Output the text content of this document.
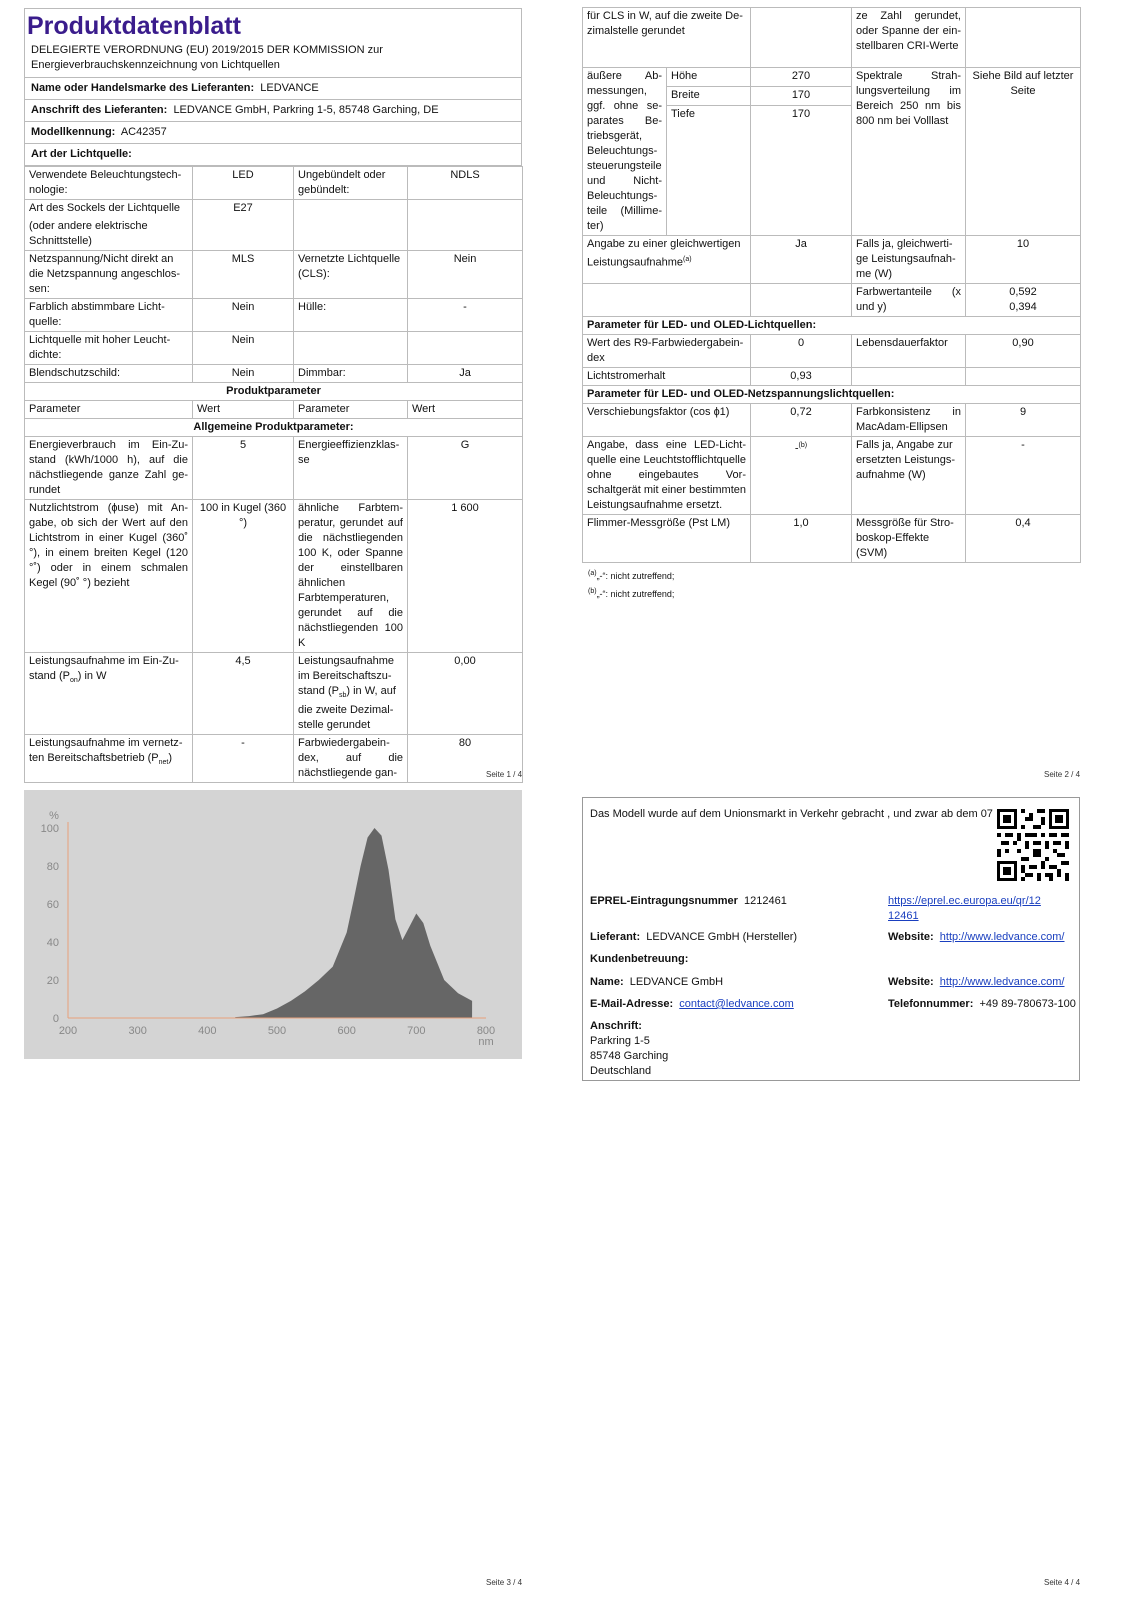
Produktdatenblatt
DELEGIERTE VERORDNUNG (EU) 2019/2015 DER KOMMISSION zur Energieverbrauchskennzeichnung von Lichtquellen
Name oder Handelsmarke des Lieferanten: LEDVANCE
Anschrift des Lieferanten: LEDVANCE GmbH, Parkring 1-5, 85748 Garching, DE
Modellkennung: AC42357
Art der Lichtquelle:
Verwendete Beleuchtungstechnologie:	LED	Ungebündelt oder gebündelt:	NDLS

Art des Sockels der Lichtquelle
(oder andere elektrische Schnittstelle)	E27		
Netzspannung/Nicht direkt an die Netzspannung angeschlossen:	MLS	Vernetzte Lichtquelle (CLS):	Nein
Farblich abstimmbare Lichtquelle:	Nein	Hülle:	-
Lichtquelle mit hoher Leuchtdichte:	Nein		
Blendschutzschild:	Nein	Dimmbar:	Ja
Produktparameter			
Parameter	Wert	Parameter	Wert
Allgemeine Produktparameter:			
Energieverbrauch im Ein-Zustand (kWh/1000 h), auf die nächstliegende ganze Zahl gerundet	5	Energieeffizienzklasse	G
Nutzlichtstrom (ɸuse) mit Angabe, ob sich der Wert auf den Lichtstrom in einer Kugel (360˚ °), in einem breiten Kegel (120 °˚) oder in einem schmalen Kegel (90˚ °) bezieht	100 in Kugel (360 °)	ähnliche Farbtemperatur, gerundet auf die nächstliegenden 100 K, oder Spanne der einstellbaren ähnlichen Farbtemperaturen, gerundet auf die nächstliegenden 100 K	1 600
Leistungsaufnahme im Ein-Zustand $(P_{on})$ in W	4,5	Leistungsaufnahme im Bereitschaftszustand $(P_{sb})$ in W, auf die zweite Dezimalstelle gerundet	0,00
Leistungsaufnahme im vernetzten Bereitschaftsbetrieb $(P_{net})$	-	Farbwiedergabeindex, auf die nächstliegende gan-	80
Seite 1 / 4
für CLS in W, auf die zweite Dezimalstelle gerundet			ze Zahl gerundet, oder Spanne der einstellbaren CRI-Werte	
äußere Abmessungen, ggf. ohne separates Betriebsgerät, Beleuchtungssteuerungsteile und Nicht-Beleuchtungsteile (Millimeter)	Höhe	270	Spektrale Strahlungsverteilung im Bereich 250 nm bis 800 nm bei Volllast	Siehe Bild auf letzter Seite
	Breite	170		
	Tiefe	170		
Angabe zu einer gleichwertigen Leistungsaufnahme$^{(a)}$		Ja	Falls ja, gleichwertige Leistungsaufnahme (W)	10
			Farbwertanteile (x und y)	0,592
0,394

Parameter für LED- und OLED-Lichtquellen:				
Wert des R9-Farbwiedergabeindex		0	Lebensdauerfaktor	0,90
Lichtstromerhalt		0,93		
Parameter für LED- und OLED-Netzspannungslichtquellen:				
Verschiebungsfaktor (cos ɸ1)		0,72	Farbkonsistenz in MacAdam-Ellipsen	9
Angabe, dass eine LED-Lichtquelle eine Leuchtstofflichtquelle ohne eingebautes Vorschaltgerät mit einer bestimmten Leistungsaufnahme ersetzt.		-$^{(b)}$	Falls ja, Angabe zur ersetzten Leistungsaufnahme (W)	-
Flimmer-Messgröße (Pst LM)		1,0	Messgröße für Stroboskop-Effekte (SVM)	0,4
$^{(a)}$„-“: nicht zutreffend;
$^{(b)}$„-“: nicht zutreffend;
Seite 2 / 4
200	300	400	500	600	700	800
0
20
40
60
80
100
%
nm
Seite 3 / 4
Das Modell wurde auf dem Unionsmarkt in Verkehr gebracht , und zwar ab dem 07
EPREL-Eintragungsnummer 1212461	https://eprel.ec.europa.eu/qr/12
12461
Lieferant: LEDVANCE GmbH (Hersteller)	Website: http://www.ledvance.com/
Kundenbetreuung:
Name: LEDVANCE GmbH	Website: http://www.ledvance.com/
E-Mail-Adresse: contact@ledvance.com	Telefonnummer: +49 89-780673-100
Anschrift:
Parkring 1-5
85748 Garching
Deutschland
Seite 4 / 4
